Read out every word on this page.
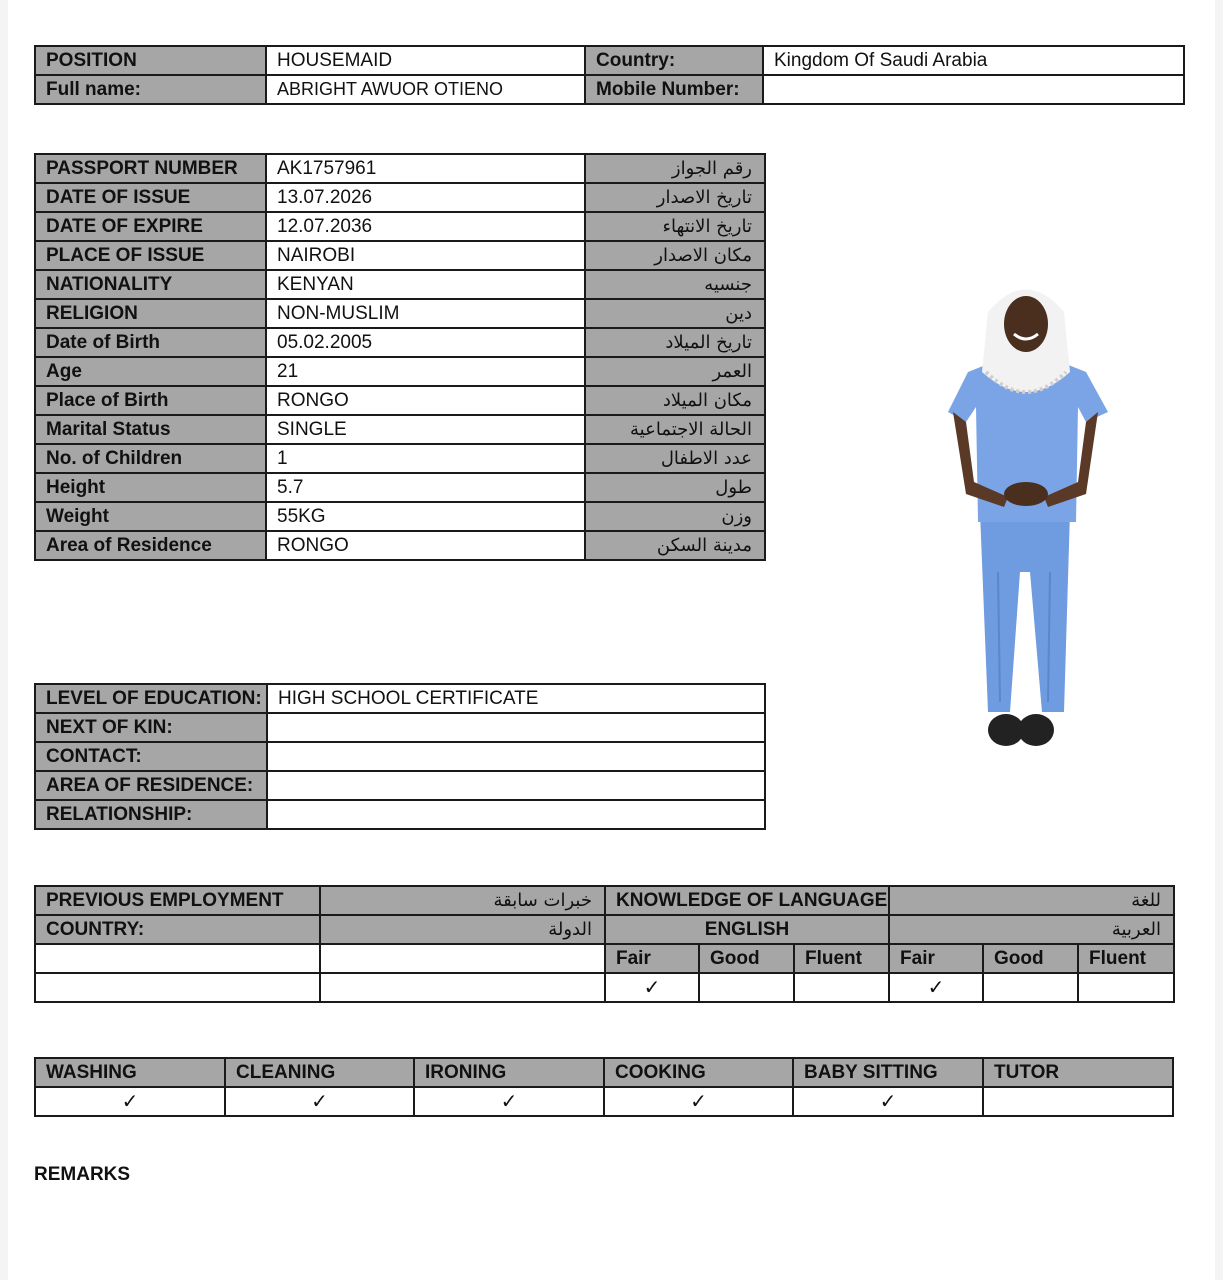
POSITION	HOUSEMAID	Country:	Kingdom Of Saudi Arabia
Full name:	ABRIGHT AWUOR OTIENO	Mobile Number:	
PASSPORT NUMBER	AK1757961	رقم الجواز
DATE OF ISSUE	13.07.2026	تاريخ الاصدار
DATE OF EXPIRE	12.07.2036	تاريخ الانتهاء
PLACE OF ISSUE	NAIROBI	مكان الاصدار
NATIONALITY	KENYAN	جنسيه
RELIGION	NON-MUSLIM	دين
Date of Birth	05.02.2005	تاريخ الميلاد
Age	21	العمر
Place of Birth	RONGO	مكان الميلاد
Marital Status	SINGLE	الحالة الاجتماعية
No. of Children	1	عدد الاطفال
Height	5.7	طول
Weight	55KG	وزن
Area of Residence	RONGO	مدينة السكن
LEVEL OF EDUCATION:	HIGH SCHOOL CERTIFICATE
NEXT OF KIN:	
CONTACT:	
AREA OF RESIDENCE:	
RELATIONSHIP:	
PREVIOUS EMPLOYMENT	خبرات سابقة	KNOWLEDGE OF LANGUAGE			للغة		
COUNTRY:	الدولة	ENGLISH			العربية		
		Fair	Good	Fluent	Fair	Good	Fluent
		✓			✓		
WASHING	CLEANING	IRONING	COOKING	BABY SITTING	TUTOR
✓	✓	✓	✓	✓	
REMARKS
